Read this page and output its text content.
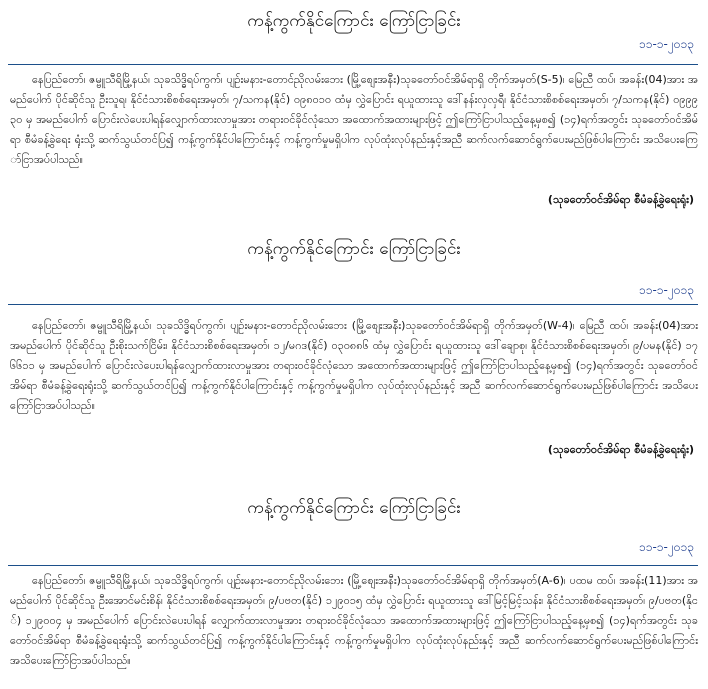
ကန့်ကွက်နိုင်ကြောင်း ကြော်ငြာခြင်း
၁၁-၁-၂၀၁၃
နေပြည်တော်၊ ဇမ္ဗူသီရိမြို့နယ်၊ သုခသိဒ္ဓိရပ်ကွက်၊ ပျဉ်းမနား-တောင်ညိုလမ်းဘေး (မြို့စျေးအနီး)သုခတော်ဝင်အိမ်ရာရှိ တိုက်အမှတ်(S-5)၊ မြေညီ ထပ်၊ အခန်း(04)အား အမည်ပေါက် ပိုင်ဆိုင်သူ ဦးသူရ၊ နိုင်ငံသားစိစစ်ရေးအမှတ်၊ ၇/သကန(နိုင်) ဝ၉၈ဝ၁ဝ ထံမှ လွှဲပြောင်း ရယူထားသူ ဒေါ်နန်းလှလှရီ၊ နိုင်ငံသားစိစစ်ရေးအမှတ်၊ ၇/သကန(နိုင်) ဝ၉၉၉၃ဝ မှ အမည်ပေါက် ပြောင်းလဲပေးပါရန်လျှောက်ထားလာမှုအား တရားဝင်ခိုင်လုံသော အထောက်အထားများဖြင့် ဤကြော်ငြာပါသည့်နေ့မှစ၍ (၁၄)ရက်အတွင်း သုခတော်ဝင်အိမ်ရာ စီမံခန့်ခွဲရေး ရုံးသို့ ဆက်သွယ်တင်ပြ၍ ကန့်ကွက်နိုင်ပါကြောင်းနှင့် ကန့်ကွက်မှုမရှိပါက လုပ်ထုံးလုပ်နည်းနှင့်အညီ ဆက်လက်ဆောင်ရွက်ပေးမည်ဖြစ်ပါကြောင်း အသိပေးကြော်ငြာအပ်ပါသည်။
(သုခတော်ဝင်အိမ်ရာ စီမံခန့်ခွဲရေးရုံး)
ကန့်ကွက်နိုင်ကြောင်း ကြော်ငြာခြင်း
၁၁-၁-၂၀၁၃
နေပြည်တော်၊ ဇမ္ဗူသီရိမြို့နယ်၊ သုခသိဒ္ဓိရပ်ကွက်၊ ပျဉ်းမနား-တောင်ညိုလမ်းဘေး (မြို့စျေးအနီး)သုခတော်ဝင်အိမ်ရာရှိ တိုက်အမှတ်(W-4)၊ မြေညီ ထပ်၊ အခန်း(04)အား အမည်ပေါက် ပိုင်ဆိုင်သူ ဦးစိုးသက်ငြိမ်း၊ နိုင်ငံသားစိစစ်ရေးအမှတ်၊ ၁၂/မဂဒ(နိုင်) ဝ၃ဝ၈၈၆ ထံမှ လွှဲပြောင်း ရယူထားသူ ဒေါ်ချောစု၊ နိုင်ငံသားစိစစ်ရေးအမှတ်၊ ၉/ပမန(နိုင်) ၁၇၆၆၁၁ မှ အမည်ပေါက် ပြောင်းလဲပေးပါရန်လျှောက်ထားလာမှုအား တရားဝင်ခိုင်လုံသော အထောက်အထားများဖြင့် ဤကြော်ငြာပါသည့်နေ့မှစ၍ (၁၄)ရက်အတွင်း သုခတော်ဝင်အိမ်ရာ စီမံခန့်ခွဲရေးရုံးသို့ ဆက်သွယ်တင်ပြ၍ ကန့်ကွက်နိုင်ပါကြောင်းနှင့် ကန့်ကွက်မှုမရှိပါက လုပ်ထုံးလုပ်နည်းနှင့် အညီ ဆက်လက်ဆောင်ရွက်ပေးမည်ဖြစ်ပါကြောင်း အသိပေးကြော်ငြာအပ်ပါသည်။
(သုခတော်ဝင်အိမ်ရာ စီမံခန့်ခွဲရေးရုံး)
ကန့်ကွက်နိုင်ကြောင်း ကြော်ငြာခြင်း
၁၁-၁-၂၀၁၃
နေပြည်တော်၊ ဇမ္ဗူသီရိမြို့နယ်၊ သုခသိဒ္ဓိရပ်ကွက်၊ ပျဉ်းမနား-တောင်ညိုလမ်းဘေး (မြို့စျေးအနီး)သုခတော်ဝင်အိမ်ရာရှိ တိုက်အမှတ်(A-6)၊ ပထမ ထပ်၊ အခန်း(11)အား အမည်ပေါက် ပိုင်ဆိုင်သူ ဦးအောင်မင်းစိန်၊ နိုင်ငံသားစိစစ်ရေးအမှတ်၊ ၉/ပဗတ(နိုင်) ၁၂၉ဝ၁၅ ထံမှ လွှဲပြောင်း ရယူထားသူ ဒေါ်မြင့်မြင့်သန်း၊ နိုင်ငံသားစိစစ်ရေးအမှတ်၊ ၉/ပဗတ(နိုင်) ၁၂၉ဝ၀၄ မှ အမည်ပေါက် ပြောင်းလဲပေးပါရန် လျှောက်ထားလာမှုအား တရားဝင်ခိုင်လုံသော အထောက်အထားများဖြင့် ဤကြော်ငြာပါသည့်နေ့မှစ၍ (၁၄)ရက်အတွင်း သုခတော်ဝင်အိမ်ရာ စီမံခန့်ခွဲရေးရုံးသို့ ဆက်သွယ်တင်ပြ၍ ကန့်ကွက်နိုင်ပါကြောင်းနှင့် ကန့်ကွက်မှုမရှိပါက လုပ်ထုံးလုပ်နည်းနှင့် အညီ ဆက်လက်ဆောင်ရွက်ပေးမည်ဖြစ်ပါကြောင်း အသိပေးကြော်ငြာအပ်ပါသည်။
